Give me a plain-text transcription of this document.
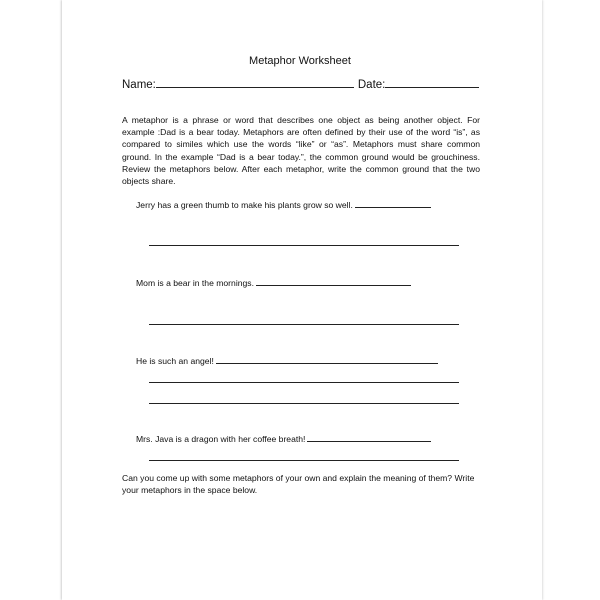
Metaphor Worksheet
Name:	Date:
A metaphor is a phrase or word that describes one object as being another object. For example :Dad is a bear today. Metaphors are often defined by their use of the word “is”, as compared to similes which use the words “like” or “as”. Metaphors must share common ground. In the example “Dad is a bear today.”, the common ground would be grouchiness. Review the metaphors below. After each metaphor, write the common ground that the two objects share.
Jerry has a green thumb to make his plants grow so well.
Mom is a bear in the mornings.
He is such an angel!
Mrs. Java is a dragon with her coffee breath!
Can you come up with some metaphors of your own and explain the meaning of them? Write your metaphors in the space below.
